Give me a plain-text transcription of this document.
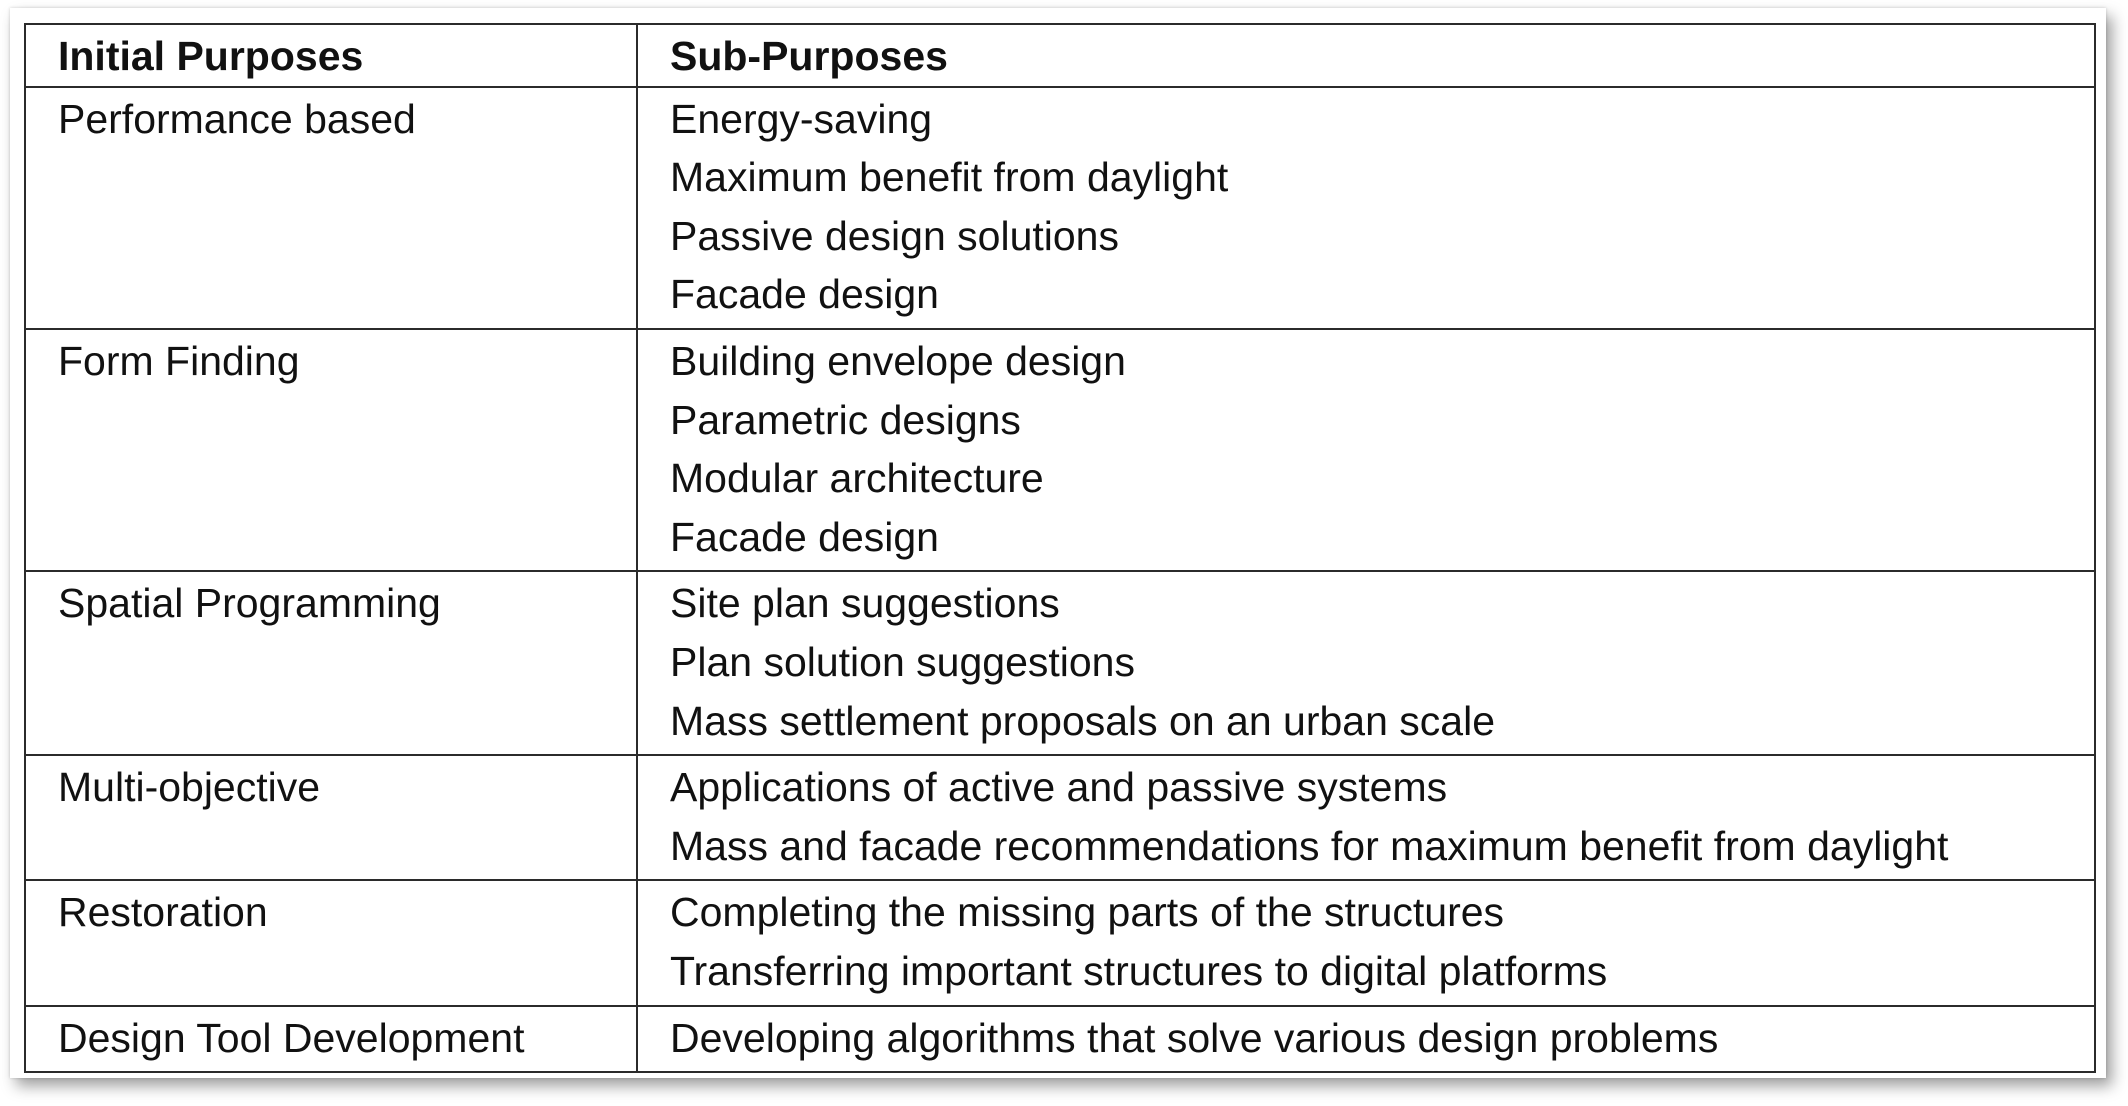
Initial Purposes	Sub-Purposes
Performance based	Energy-saving
Maximum benefit from daylight
Passive design solutions
Facade design

Form Finding	Building envelope design
Parametric designs
Modular architecture
Facade design

Spatial Programming	Site plan suggestions
Plan solution suggestions
Mass settlement proposals on an urban scale

Multi-objective	Applications of active and passive systems
Mass and facade recommendations for maximum benefit from daylight

Restoration	Completing the missing parts of the structures
Transferring important structures to digital platforms

Design Tool Development	Developing algorithms that solve various design problems
